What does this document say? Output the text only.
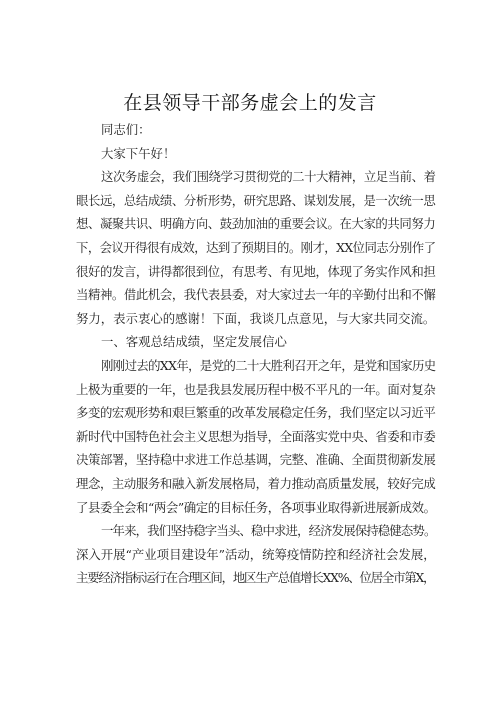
在县领导干部务虚会上的发言
同志们：
大家下午好！
这次务虚会，我们围绕学习贯彻党的二十大精神，立足当前、着
眼长远，总结成绩、分析形势，研究思路、谋划发展，是一次统一思
想、凝聚共识、明确方向、鼓劲加油的重要会议。在大家的共同努力
下，会议开得很有成效，达到了预期目的。刚才，XX位同志分别作了
很好的发言，讲得都很到位，有思考、有见地，体现了务实作风和担
当精神。借此机会，我代表县委，对大家过去一年的辛勤付出和不懈
努力，表示衷心的感谢！下面，我谈几点意见，与大家共同交流。
一、客观总结成绩，坚定发展信心
刚刚过去的XX年，是党的二十大胜利召开之年，是党和国家历史
上极为重要的一年，也是我县发展历程中极不平凡的一年。面对复杂
多变的宏观形势和艰巨繁重的改革发展稳定任务，我们坚定以习近平
新时代中国特色社会主义思想为指导，全面落实党中央、省委和市委
决策部署，坚持稳中求进工作总基调，完整、准确、全面贯彻新发展
理念，主动服务和融入新发展格局，着力推动高质量发展，较好完成
了县委全会和“两会”确定的目标任务，各项事业取得新进展新成效。
一年来，我们坚持稳字当头、稳中求进，经济发展保持稳健态势。
深入开展“产业项目建设年”活动，统筹疫情防控和经济社会发展，
主要经济指标运行在合理区间，地区生产总值增长XX%、位居全市第X，
